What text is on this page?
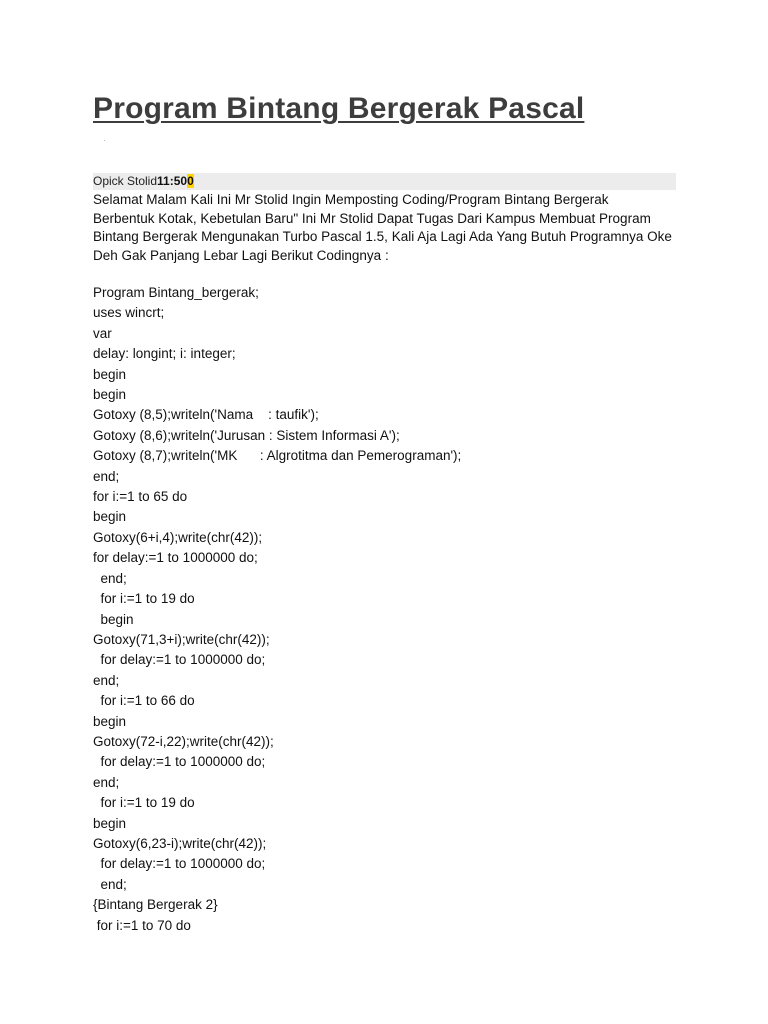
Program Bintang Bergerak Pascal
·
Opick Stolid11:500
Selamat Malam Kali Ini Mr Stolid Ingin Memposting Coding/Program Bintang Bergerak
Berbentuk Kotak, Kebetulan Baru" Ini Mr Stolid Dapat Tugas Dari Kampus Membuat Program
Bintang Bergerak Mengunakan Turbo Pascal 1.5, Kali Aja Lagi Ada Yang Butuh Programnya Oke
Deh Gak Panjang Lebar Lagi Berikut Codingnya :
Program Bintang_bergerak;
uses wincrt;
var
delay: longint; i: integer;
begin
begin
Gotoxy (8,5);writeln('Nama    : taufik');
Gotoxy (8,6);writeln('Jurusan : Sistem Informasi A');
Gotoxy (8,7);writeln('MK      : Algrotitma dan Pemerograman');
end;
for i:=1 to 65 do
begin
Gotoxy(6+i,4);write(chr(42));
for delay:=1 to 1000000 do;
end;
for i:=1 to 19 do
begin
Gotoxy(71,3+i);write(chr(42));
for delay:=1 to 1000000 do;
end;
for i:=1 to 66 do
begin
Gotoxy(72-i,22);write(chr(42));
for delay:=1 to 1000000 do;
end;
for i:=1 to 19 do
begin
Gotoxy(6,23-i);write(chr(42));
for delay:=1 to 1000000 do;
end;
{Bintang Bergerak 2}
for i:=1 to 70 do
